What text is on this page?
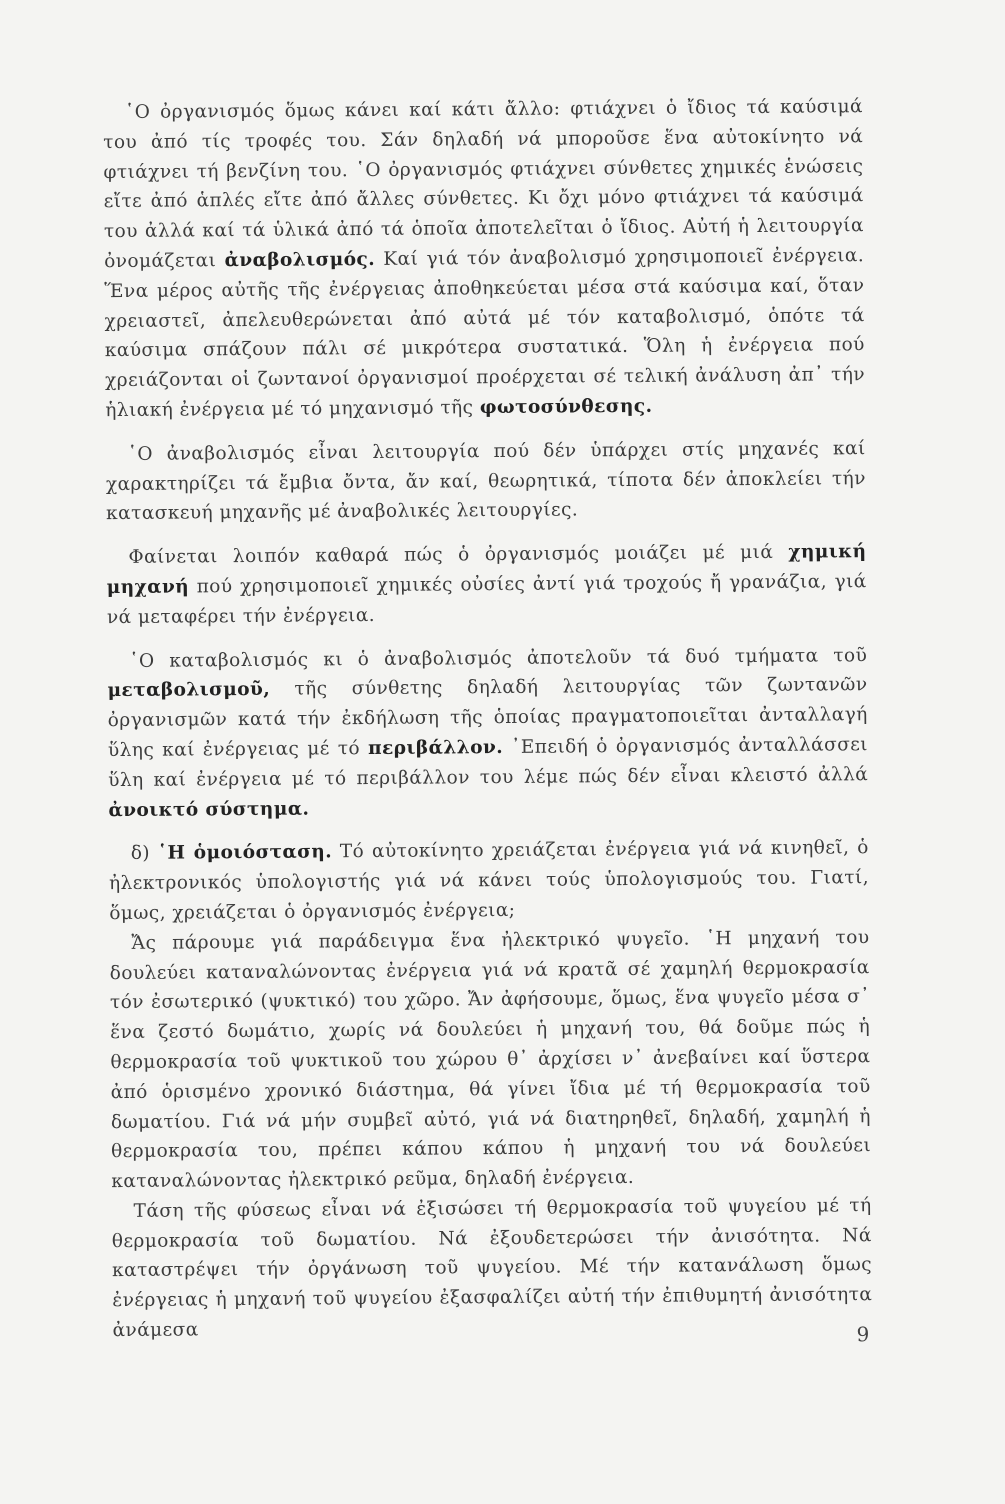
῾Ο ὀργανισμός ὅμως κάνει καί κάτι ἄλλο: φτιάχνει ὁ ἴδιος τά καύσιμά του ἀπό τίς τροφές του. Σάν δηλαδή νά μποροῦσε ἕνα αὐτοκίνητο νά φτιάχνει τή βενζίνη του. ῾Ο ὀργανισμός φτιάχνει σύνθετες χημικές ἑνώσεις εἴτε ἀπό ἁπλές εἴτε ἀπό ἄλλες σύνθετες. Κι ὄχι μόνο φτιάχνει τά καύσιμά του ἀλλά καί τά ὑλικά ἀπό τά ὁποῖα ἀποτελεῖται ὁ ἴδιος. Αὐτή ἡ λειτουργία ὀνομάζεται ἀναβολισμός. Καί γιά τόν ἀναβολισμό χρησιμοποιεῖ ἐνέργεια. Ἕνα μέρος αὐτῆς τῆς ἐνέργειας ἀποθηκεύεται μέσα στά καύσιμα καί, ὅταν χρειαστεῖ, ἀπελευθερώνεται ἀπό αὐτά μέ τόν καταβολισμό, ὁπότε τά καύσιμα σπάζουν πάλι σέ μικρότερα συστατικά. Ὅλη ἡ ἐνέργεια πού χρειάζονται οἱ ζωντανοί ὀργανισμοί προέρχεται σέ τελική ἀνάλυση ἀπ᾽ τήν ἡλιακή ἐνέργεια μέ τό μηχανισμό τῆς φωτοσύνθεσης.

῾Ο ἀναβολισμός εἶναι λειτουργία πού δέν ὑπάρχει στίς μηχανές καί χαρακτηρίζει τά ἔμβια ὄντα, ἄν καί, θεωρητικά, τίποτα δέν ἀποκλείει τήν κατασκευή μηχανῆς μέ ἀναβολικές λειτουργίες.

Φαίνεται λοιπόν καθαρά πώς ὁ ὀργανισμός μοιάζει μέ μιά χημική μηχανή πού χρησιμοποιεῖ χημικές οὐσίες ἀντί γιά τροχούς ἤ γρανάζια, γιά νά μεταφέρει τήν ἐνέργεια.

῾Ο καταβολισμός κι ὁ ἀναβολισμός ἀποτελοῦν τά δυό τμήματα τοῦ μεταβολισμοῦ, τῆς σύνθετης δηλαδή λειτουργίας τῶν ζωντανῶν ὀργανισμῶν κατά τήν ἐκδήλωση τῆς ὁποίας πραγματοποιεῖται ἀνταλλαγή ὕλης καί ἐνέργειας μέ τό περιβάλλον. ᾿Επειδή ὁ ὀργανισμός ἀνταλλάσσει ὕλη καί ἐνέργεια μέ τό περιβάλλον του λέμε πώς δέν εἶναι κλειστό ἀλλά ἀνοικτό σύστημα.

δ) ῾Η ὁμοιόσταση. Τό αὐτοκίνητο χρειάζεται ἐνέργεια γιά νά κινηθεῖ, ὁ ἠλεκτρονικός ὑπολογιστής γιά νά κάνει τούς ὑπολογισμούς του. Γιατί, ὅμως, χρειάζεται ὁ ὀργανισμός ἐνέργεια;

Ἄς πάρουμε γιά παράδειγμα ἕνα ἠλεκτρικό ψυγεῖο. ῾Η μηχανή του δουλεύει καταναλώνοντας ἐνέργεια γιά νά κρατᾶ σέ χαμηλή θερμοκρασία τόν ἐσωτερικό (ψυκτικό) του χῶρο. Ἄν ἀφήσουμε, ὅμως, ἕνα ψυγεῖο μέσα σ᾽ ἕνα ζεστό δωμάτιο, χωρίς νά δουλεύει ἡ μηχανή του, θά δοῦμε πώς ἡ θερμοκρασία τοῦ ψυκτικοῦ του χώρου θ᾽ ἀρχίσει ν᾽ ἀνεβαίνει καί ὕστερα ἀπό ὁρισμένο χρονικό διάστημα, θά γίνει ἴδια μέ τή θερμοκρασία τοῦ δωματίου. Γιά νά μήν συμβεῖ αὐτό, γιά νά διατηρηθεῖ, δηλαδή, χαμηλή ἡ θερμοκρασία του, πρέπει κάπου κάπου ἡ μηχανή του νά δουλεύει καταναλώνοντας ἠλεκτρικό ρεῦμα, δηλαδή ἐνέργεια.

Τάση τῆς φύσεως εἶναι νά ἐξισώσει τή θερμοκρασία τοῦ ψυγείου μέ τή θερμοκρασία τοῦ δωματίου. Νά ἐξουδετερώσει τήν ἀνισότητα. Νά καταστρέψει τήν ὀργάνωση τοῦ ψυγείου. Μέ τήν κατανάλωση ὅμως ἐνέργειας ἡ μηχανή τοῦ ψυγείου ἐξασφαλίζει αὐτή τήν ἐπιθυμητή ἀνισότητα ἀνάμεσα	9
